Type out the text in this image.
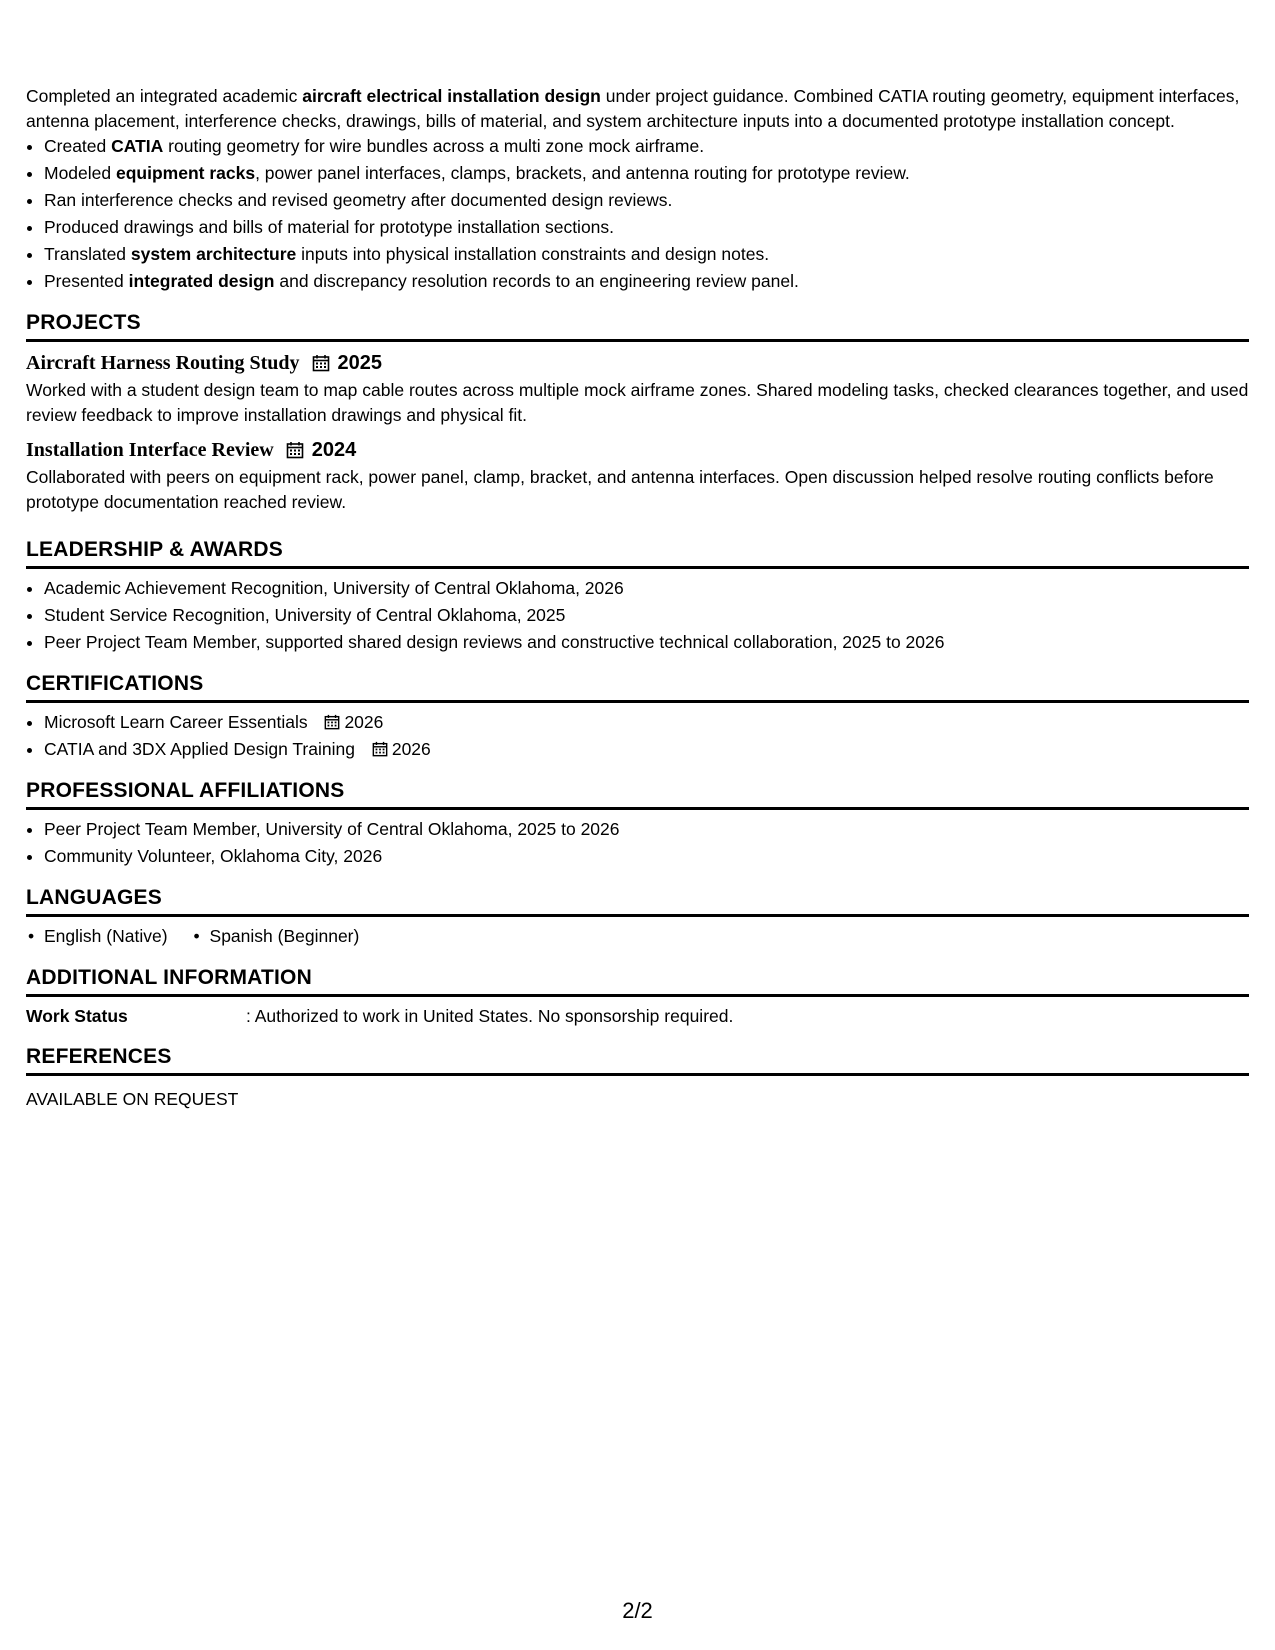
Completed an integrated academic aircraft electrical installation design under project guidance. Combined CATIA routing geometry, equipment interfaces, antenna placement, interference checks, drawings, bills of material, and system architecture inputs into a documented prototype installation concept.

• Created CATIA routing geometry for wire bundles across a multi zone mock airframe.
• Modeled equipment racks, power panel interfaces, clamps, brackets, and antenna routing for prototype review.
• Ran interference checks and revised geometry after documented design reviews.
• Produced drawings and bills of material for prototype installation sections.
• Translated system architecture inputs into physical installation constraints and design notes.
• Presented integrated design and discrepancy resolution records to an engineering review panel.
PROJECTS
Aircraft Harness Routing Study 2025

Worked with a student design team to map cable routes across multiple mock airframe zones. Shared modeling tasks, checked clearances together, and used review feedback to improve installation drawings and physical fit.

Installation Interface Review 2024

Collaborated with peers on equipment rack, power panel, clamp, bracket, and antenna interfaces. Open discussion helped resolve routing conflicts before prototype documentation reached review.

LEADERSHIP & AWARDS
• Academic Achievement Recognition, University of Central Oklahoma, 2026
• Student Service Recognition, University of Central Oklahoma, 2025
• Peer Project Team Member, supported shared design reviews and constructive technical collaboration, 2025 to 2026
CERTIFICATIONS
• Microsoft Learn Career Essentials 2026
• CATIA and 3DX Applied Design Training 2026
PROFESSIONAL AFFILIATIONS
• Peer Project Team Member, University of Central Oklahoma, 2025 to 2026
• Community Volunteer, Oklahoma City, 2026
LANGUAGES
• English (Native)
•	Spanish (Beginner)
ADDITIONAL INFORMATION
Work Status	: Authorized to work in United States. No sponsorship required.
REFERENCES
AVAILABLE ON REQUEST
2/2
